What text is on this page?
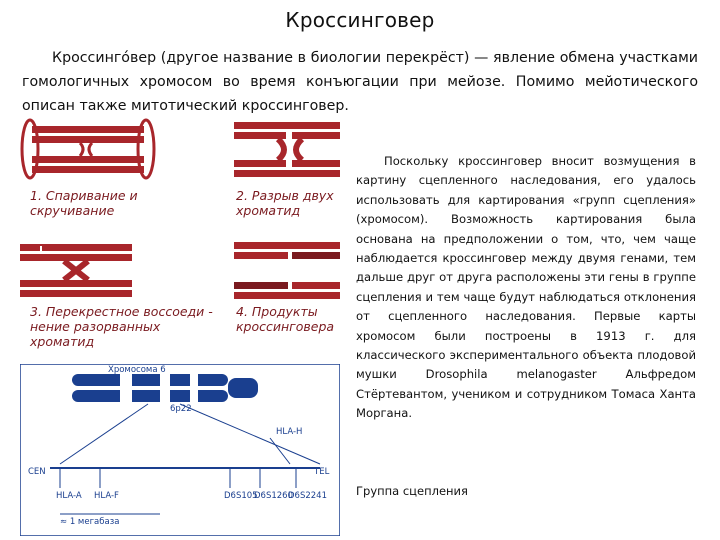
Кроссинговер
Кроссинго́вер (другое название в биологии перекрёст) — явление обмена участками гомологичных хромосом во время конъюгации при мейозе. Помимо мейотического описан также митотический кроссинговер.
1. Спаривание и
скручивание
2. Разрыв двух
хроматид
3. Перекрестное воссоеди -
нение разорванных
хроматид
4. Продукты
кроссинговера
Хромосома 6
6p22
HLA-H
CEN	TEL
HLA-A HLA-F	D6S105
D6S1260
D6S2241
≈ 1 мегабаза
Поскольку кроссинговер вносит возмущения в картину сцепленного наследования, его удалось использовать для картирования «групп сцепления» (хромосом). Возможность картирования была основана на предположении о том, что, чем чаще наблюдается кроссинговер между двумя генами, тем дальше друг от друга расположены эти гены в группе сцепления и тем чаще будут наблюдаться отклонения от сцепленного наследования. Первые карты хромосом были построены в 1913 г. для классического экспериментального объекта плодовой мушки Drosophila melanogaster Альфредом Стёртевантом, учеником и сотрудником Томаса Ханта Моргана.
Группа сцепления
